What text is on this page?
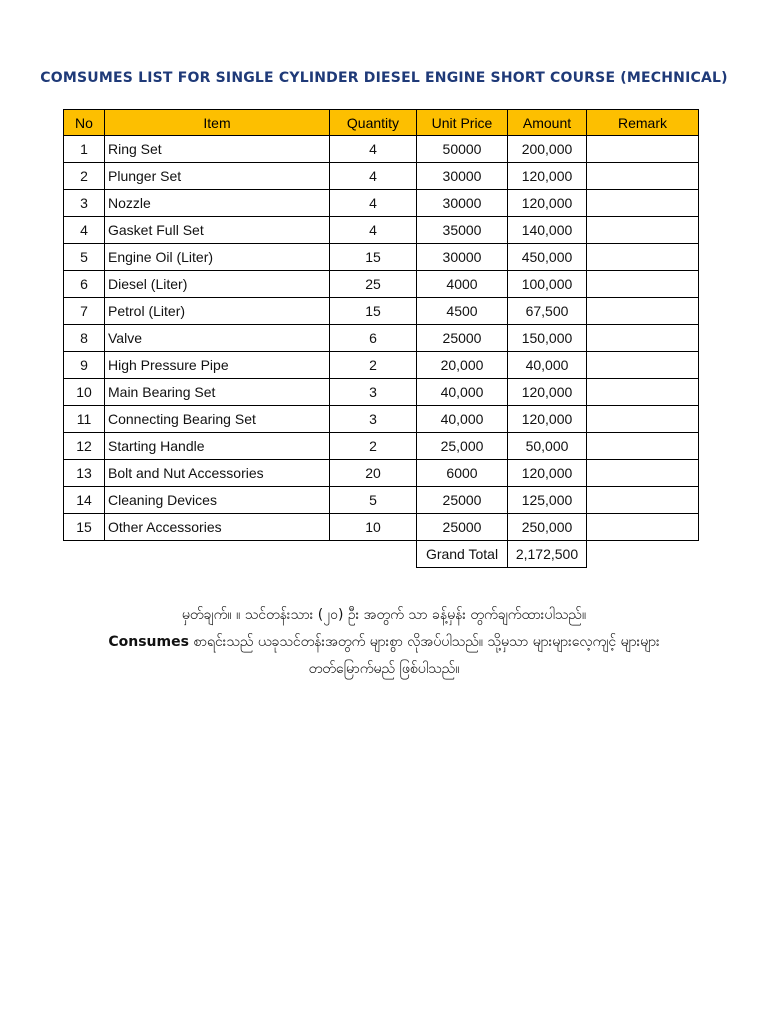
COMSUMES LIST FOR SINGLE CYLINDER DIESEL ENGINE SHORT COURSE (MECHNICAL)
No	Item	Quantity	Unit Price	Amount	Remark
1	Ring Set	4	50000	200,000	
2	Plunger Set	4	30000	120,000	
3	Nozzle	4	30000	120,000	
4	Gasket Full Set	4	35000	140,000	
5	Engine Oil (Liter)	15	30000	450,000	
6	Diesel (Liter)	25	4000	100,000	
7	Petrol (Liter)	15	4500	67,500	
8	Valve	6	25000	150,000	
9	High Pressure Pipe	2	20,000	40,000	
10	Main Bearing Set	3	40,000	120,000	
11	Connecting Bearing Set	3	40,000	120,000	
12	Starting Handle	2	25,000	50,000	
13	Bolt and Nut Accessories	20	6000	120,000	
14	Cleaning Devices	5	25000	125,000	
15	Other Accessories	10	25000	250,000	
			Grand Total	2,172,500	
မှတ်ချက်။ ။ သင်တန်းသား (၂၀) ဦး အတွက် သာ ခန့်မှန်း တွက်ချက်ထားပါသည်။
Consumes စာရင်းသည် ယခုသင်တန်းအတွက် များစွာ လိုအပ်ပါသည်။ သို့မှသာ များများလေ့ကျင့် များများ
တတ်မြောက်မည် ဖြစ်ပါသည်။
